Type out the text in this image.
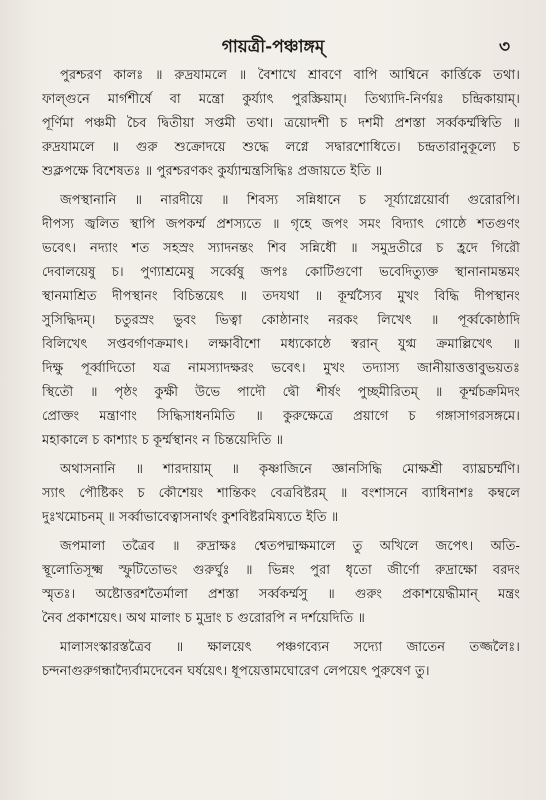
গায়ত্রী-পঞ্চাঙ্গম্	৩
পুরশ্চরণ কালঃ ॥ রুদ্রযামলে ॥ বৈশাখে শ্রাবণে বাপি আশ্বিনে কার্ত্তিকে তথা।
ফাল্গুনে মার্গশীর্ষে বা মন্ত্রো কুর্য্যাৎ পুরস্ক্রিয়াম্। তিথ্যাদি-নির্ণয়ঃ চন্দ্রিকায়াম্।
পূর্ণিমা পঞ্চমী চৈব দ্বিতীয়া সপ্তমী তথা। ত্রয়োদশী চ দশমী প্রশস্তা সর্ব্বকর্ম্মস্বিতি ॥
রুদ্রযামলে ॥ গুরু শুক্রোদয়ে শুদ্ধে লগ্নে সদ্বারশোধিতে। চন্দ্রতারানুকূল্যে চ
শুক্লপক্ষে বিশেষতঃ ॥ পুরশ্চরণকং কুর্য্যান্মন্ত্রসিদ্ধিঃ প্রজায়তে ইতি ॥
জপস্থানানি ॥ নারদীয়ে ॥ শিবস্য সন্নিধানে চ সূর্য্যাগ্নেয়োর্বা গুরোরপি।
দীপস্য জ্বলিত স্থাপি জপকর্ম্ম প্রশস্যতে ॥ গৃহে জপং সমং বিদ্যাৎ গোষ্ঠে শতগুণং
ভবেৎ। নদ্যাং শত সহস্রং স্যাদনন্তং শিব সন্নিধৌ ॥ সমুদ্রতীরে চ হ্রদে গিরৌ
দেবালয়েষু চ। পুণ্যাশ্রমেষু সর্ব্বেষু জপঃ কোটিগুণো ভবেদিত্যুক্ত স্থানানামন্তমং
স্থানমাশ্রিত দীপস্থানং বিচিন্তয়েৎ ॥ তদযথা ॥ কূর্ম্মস্যৈব মুখং বিদ্ধি দীপস্থানং
সুসিদ্ধিদম্। চতুরস্রং ভুবং ভিত্বা কোষ্ঠানাং নরকং লিখেৎ ॥ পূর্ব্বকোষ্ঠাদি
বিলিখেৎ সপ্তবর্গাণক্রমাৎ। লক্ষাবীশো মধ্যকোষ্ঠে স্বরান্ যুগ্ম ক্রমাল্লিখেৎ ॥
দিক্ষু পূর্ব্বাদিতো যত্র নামস্যাদক্ষরং ভবেৎ। মুখং তদ্যাস্য জানীয়াত্তত্তাবুভয়তঃ
স্থিতৌ ॥ পৃষ্ঠং কুক্ষী উভে পাদৌ দ্বৌ শীর্ষং পুচ্ছমীরিতম্ ॥ কূর্ম্মচক্রমিদং
প্রোক্তং মন্ত্রাণাং সিদ্ধিসাধনমিতি ॥ কুরুক্ষেত্রে প্রয়াগে চ গঙ্গাসাগরসঙ্গমে।
মহাকালে চ কাশ্যাং চ কূর্ম্মস্থানং ন চিন্তয়েদিতি ॥
অথাসনানি ॥ শারদায়াম্ ॥ কৃষ্ণাজিনে জ্ঞানসিদ্ধি মোক্ষশ্রী ব্যাঘ্রচর্ম্মণি।
স্যাৎ পৌষ্টিকং চ কৌশেয়ং শান্তিকং বেত্রবিষ্টরম্ ॥ বংশাসনে ব্যাধিনাশঃ কম্বলে
দুঃখমোচনম্ ॥ সর্ব্বাভাবেত্বাসনার্থং কুশবিষ্টরমিষ্যতে ইতি ॥
জপমালা তত্রৈব ॥ রুদ্রাক্ষঃ শ্বেতপদ্মাক্ষমালে তু অখিলে জপেৎ। অতি-
স্থূলোতিসূক্ষ্ম স্ফুটিতোভং গুরুর্ঘুঃ ॥ ভিন্নং পুরা ধৃতো জীর্ণো রুদ্রাক্ষো বরদং
স্মৃতঃ। অষ্টোত্তরশতৈর্মালা প্রশস্তা সর্ব্বকর্ম্মসু ॥ গুরুং প্রকাশয়েদ্ধীমান্ মন্ত্রং
নৈব প্রকাশয়েৎ। অথ মালাং চ মুদ্রাং চ গুরোরপি ন দর্শয়েদিতি ॥
মালাসংস্কারস্তত্রৈব ॥ ক্ষালয়েৎ পঞ্চগব্যেন সদ্যো জাতেন তজ্জলৈঃ।
চন্দনাগুরুগন্ধাদ্যৈর্বামদেবেন ঘর্ষয়েৎ। ধূপয়েত্তামঘোরেণ লেপয়েৎ পুরুষেণ তু।
